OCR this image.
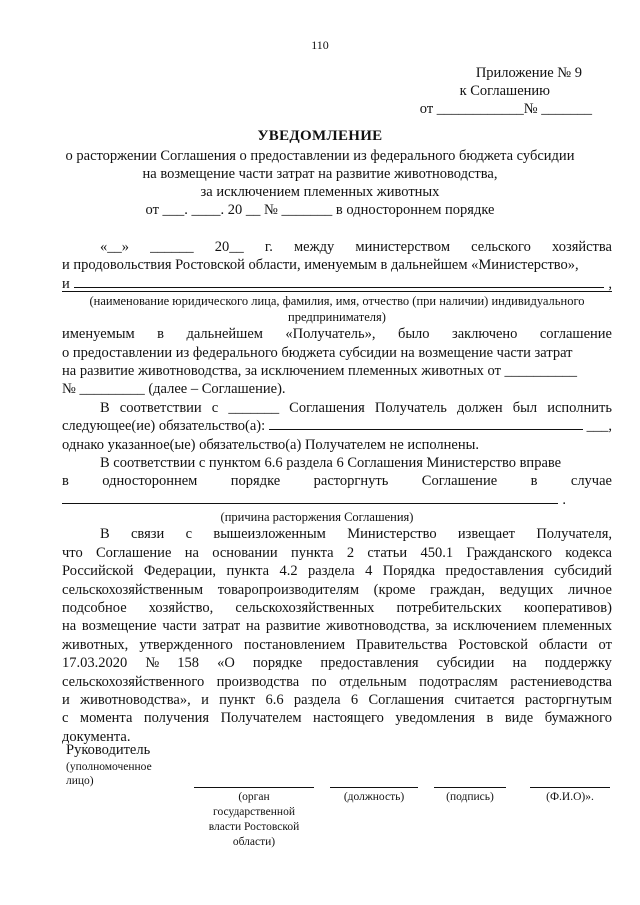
110
Приложение № 9
к Соглашению
от ____________№ _______
УВЕДОМЛЕНИЕ
о расторжении Соглашения о предоставлении из федерального бюджета субсидии
на возмещение части затрат на развитие животноводства,
за исключением племенных животных
от ___. ____. 20 __ № _______ в одностороннем порядке
«__» ______ 20__ г. между министерством сельского хозяйства
и продовольствия Ростовской области, именуемым в дальнейшем «Министерство»,
и	,
(наименование юридического лица, фамилия, имя, отчество (при наличии) индивидуального
предпринимателя)
именуемым в дальнейшем «Получатель», было заключено соглашение
о предоставлении из федерального бюджета субсидии на возмещение части затрат
на развитие животноводства, за исключением племенных животных от __________
№ _________ (далее – Соглашение).
В соответствии с _______ Соглашения Получатель должен был исполнить
следующее(ие) обязательство(а):	___,
однако указанное(ые) обязательство(а) Получателем не исполнены.
В соответствии с пунктом 6.6 раздела 6 Соглашения Министерство вправе
в одностороннем порядке расторгнуть Соглашение в случае
.
(причина расторжения Соглашения)
В связи с вышеизложенным Министерство извещает Получателя,
что Соглашение на основании пункта 2 статьи 450.1 Гражданского кодекса
Российской Федерации, пункта 4.2 раздела 4 Порядка предоставления субсидий
сельскохозяйственным товаропроизводителям (кроме граждан, ведущих личное
подсобное хозяйство, сельскохозяйственных потребительских кооперативов)
на возмещение части затрат на развитие животноводства, за исключением племенных
животных, утвержденного постановлением Правительства Ростовской области от
17.03.2020 № 158 «О порядке предоставления субсидии на поддержку
сельскохозяйственного производства по отдельным подотраслям растениеводства
и животноводства», и пункт 6.6 раздела 6 Соглашения считается расторгнутым
с момента получения Получателем настоящего уведомления в виде бумажного
документа.
Руководитель
(уполномоченное
лицо)
(орган
государственной
власти Ростовской
области)
(должность)	(подпись)	(Ф.И.О)».
